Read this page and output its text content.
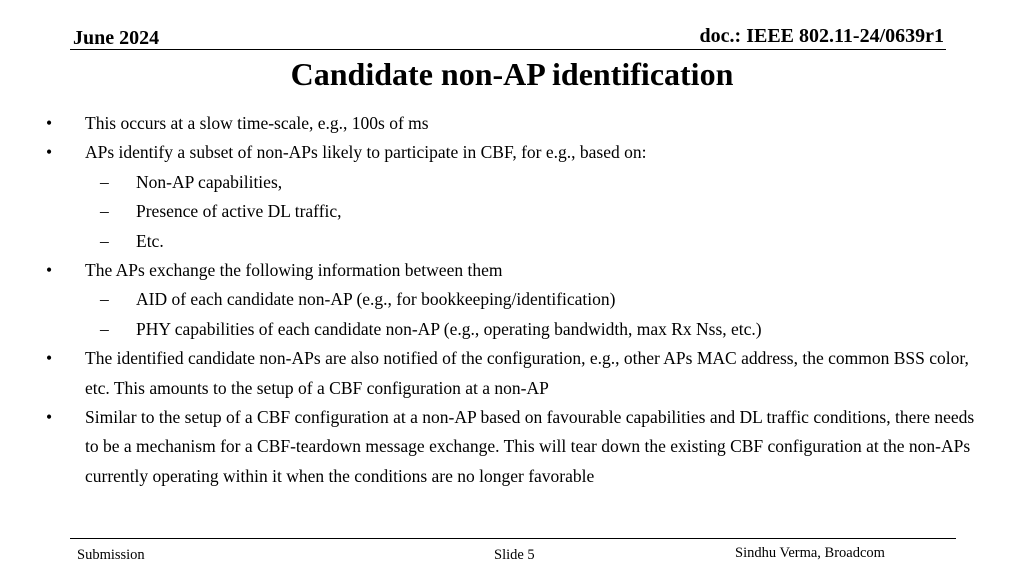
June 2024	doc.: IEEE 802.11-24/0639r1
Candidate non-AP identification
• This occurs at a slow time-scale, e.g., 100s of ms
• APs identify a subset of non-APs likely to participate in CBF, for e.g., based on:
–	Non-AP capabilities,
–	Presence of active DL traffic,
–	Etc.
• The APs exchange the following information between them
–	AID of each candidate non-AP (e.g., for bookkeeping/identification)
–	PHY capabilities of each candidate non-AP (e.g., operating bandwidth, max Rx Nss, etc.)
• The identified candidate non-APs are also notified of the configuration, e.g., other APs MAC address, the common BSS color, etc. This amounts to the setup of a CBF configuration at a non-AP
• Similar to the setup of a CBF configuration at a non-AP based on favourable capabilities and DL traffic conditions, there needs to be a mechanism for a CBF-teardown message exchange. This will tear down the existing CBF configuration at the non-APs currently operating within it when the conditions are no longer favorable
Submission	Slide 5	Sindhu Verma, Broadcom
